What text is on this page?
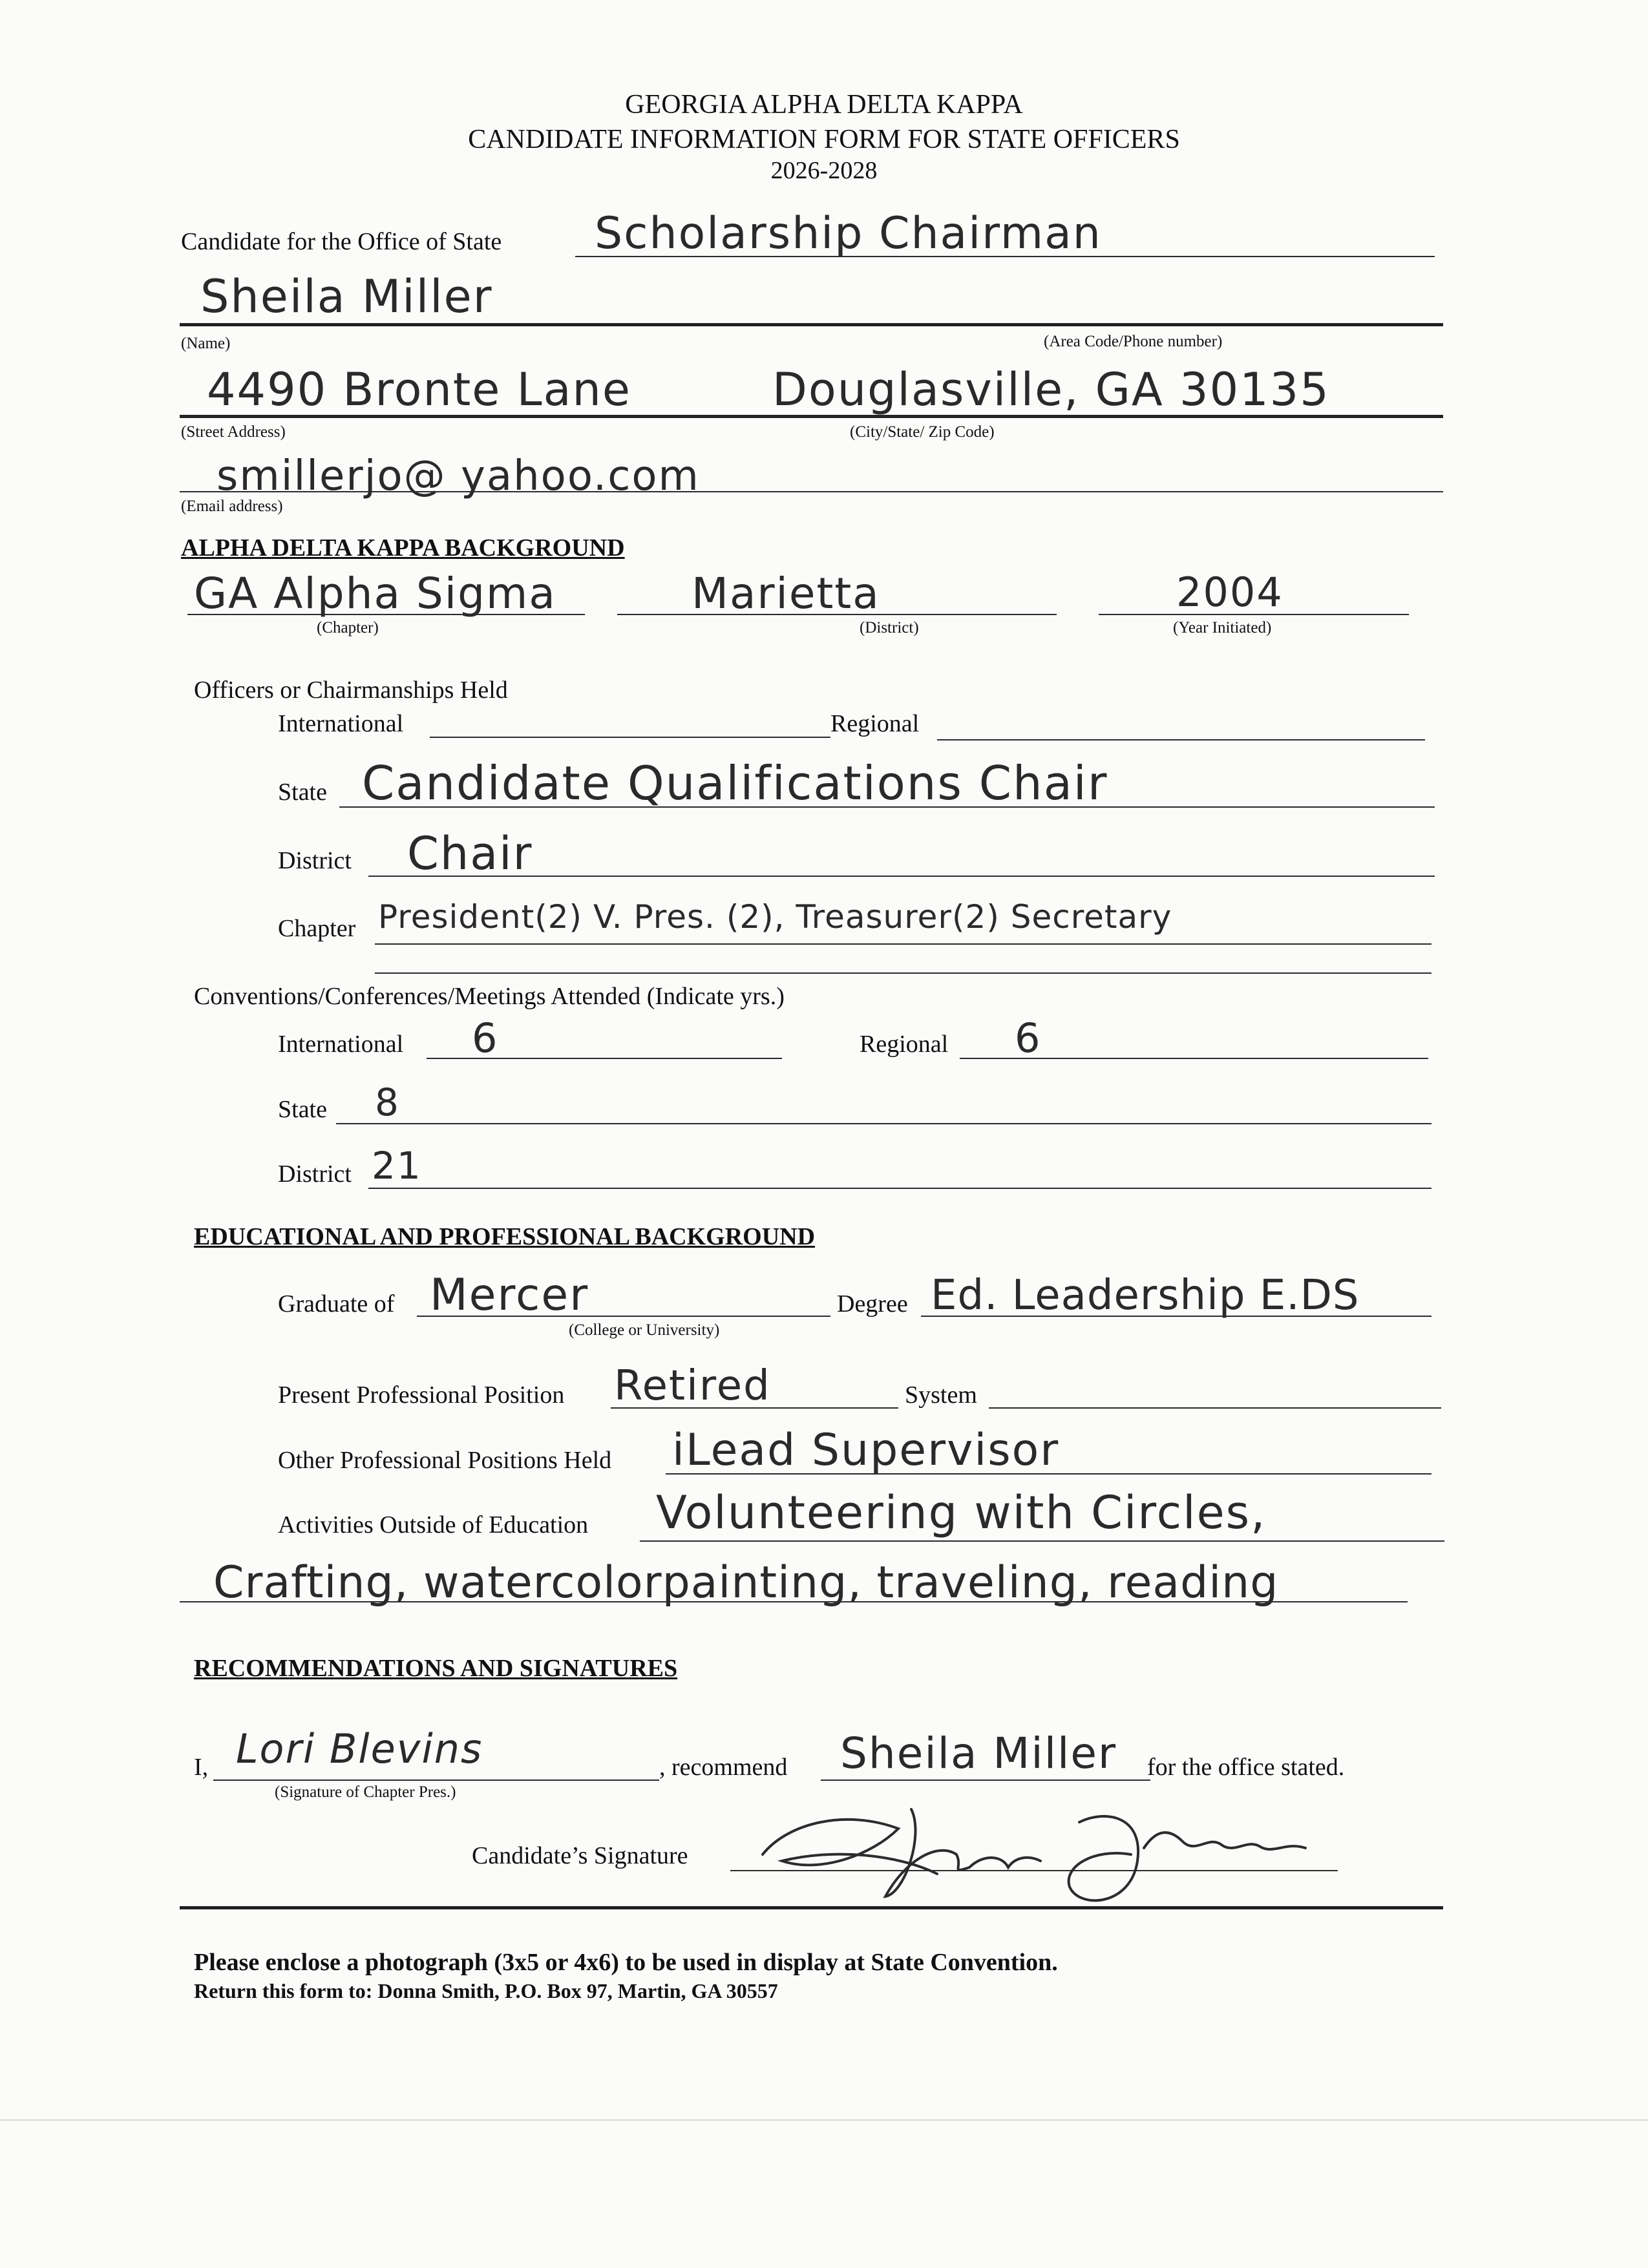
GEORGIA ALPHA DELTA KAPPA
CANDIDATE INFORMATION FORM FOR STATE OFFICERS
2026-2028
Candidate for the Office of State Scholarship Chairman
Sheila Miller
(Name)	(Area Code/Phone number)
4490 Bronte Lane	Douglasville, GA 30135
(Street Address)	(City/State/ Zip Code)
smillerjo@ yahoo.com
(Email address)
ALPHA DELTA KAPPA BACKGROUND
GA Alpha Sigma
(Chapter)
Marietta
(District)
2004
(Year Initiated)
Officers or Chairmanships Held
International	Regional
State Candidate Qualifications Chair
District Chair
Chapter President(2) V. Pres. (2), Treasurer(2) Secretary
Conventions/Conferences/Meetings Attended (Indicate yrs.)
International 6	Regional 6
State 8
District 21
EDUCATIONAL AND PROFESSIONAL BACKGROUND
Graduate of Mercer
(College or University)
Degree Ed. Leadership E.DS
Present Professional Position Retired	System
Other Professional Positions Held iLead Supervisor
Activities Outside of Education Volunteering with Circles,
Crafting, watercolorpainting, traveling, reading
RECOMMENDATIONS AND SIGNATURES
I, Lori Blevins
(Signature of Chapter Pres.)
, recommend Sheila Miller for the office stated.
Candidate’s Signature
Please enclose a photograph (3x5 or 4x6) to be used in display at State Convention.
Return this form to: Donna Smith, P.O. Box 97, Martin, GA 30557
